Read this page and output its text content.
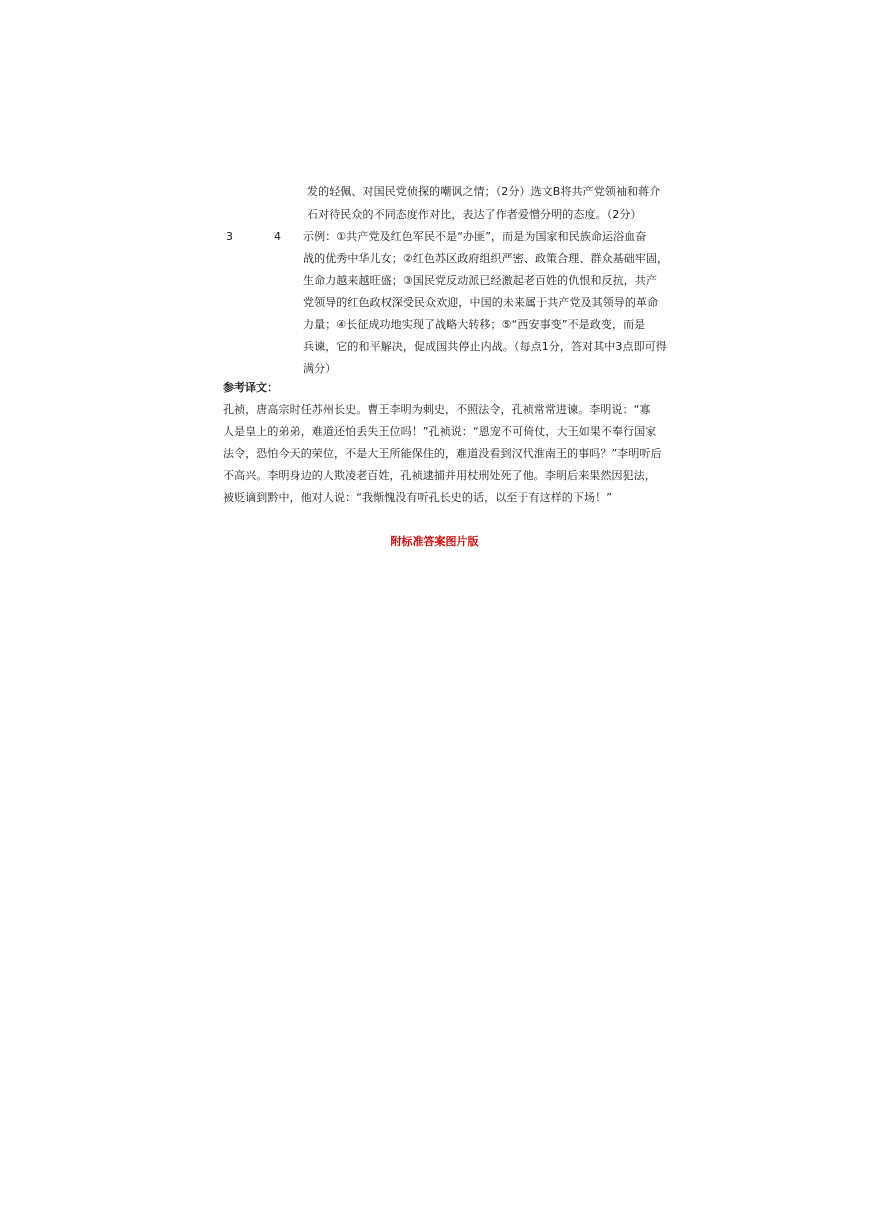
发的轻佩、对国民党侦探的嘲讽之情；（2分）选文B将共产党领袖和蒋介
石对待民众的不同态度作对比，表达了作者爱憎分明的态度。（2分）
3	4 示例：①共产党及红色军民不是“办匪”，而是为国家和民族命运浴血奋
战的优秀中华儿女；②红色苏区政府组织严密、政策合理、群众基础牢固，
生命力越来越旺盛；③国民党反动派已经激起老百姓的仇恨和反抗，共产
党领导的红色政权深受民众欢迎，中国的未来属于共产党及其领导的革命
力量；④长征成功地实现了战略大转移；⑤“西安事变”不是政变，而是
兵谏，它的和平解决，促成国共停止内战。（每点1分，答对其中3点即可得
满分）
参考译文：
孔祯，唐高宗时任苏州长史。曹王李明为刺史，不照法令，孔祯常常进谏。李明说：“寡
人是皇上的弟弟，难道还怕丢失王位吗！”孔祯说：“恩宠不可倚仗，大王如果不奉行国家
法令，恐怕今天的荣位，不是大王所能保住的，难道没看到汉代淮南王的事吗？”李明听后
不高兴。李明身边的人欺凌老百姓，孔祯逮捕并用杖刑处死了他。李明后来果然因犯法，
被贬谪到黔中，他对人说：“我惭愧没有听孔长史的话，以至于有这样的下场！”
附标准答案图片版
